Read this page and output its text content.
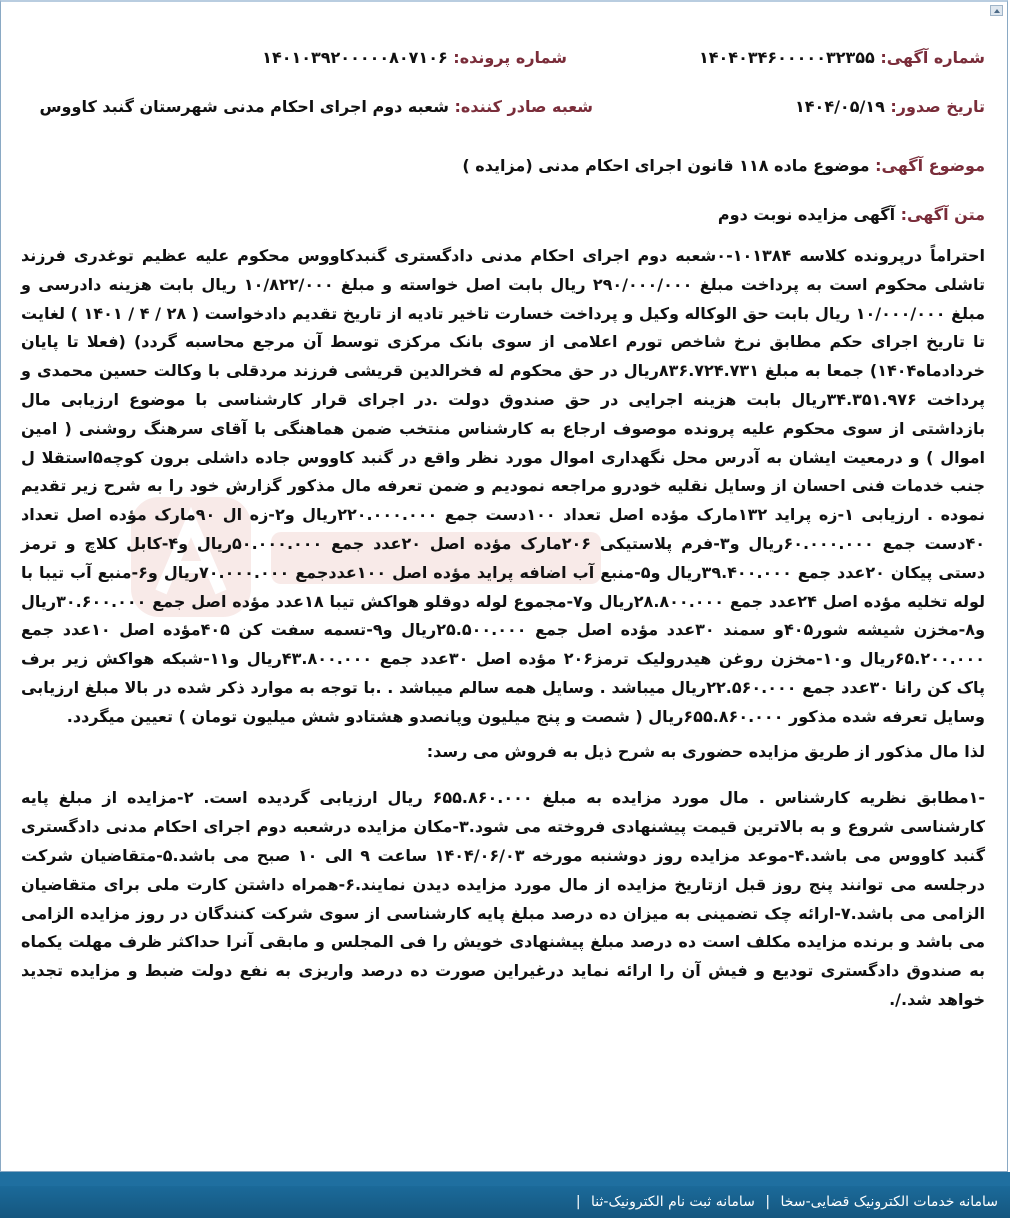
شماره آگهی: ۱۴۰۴۰۳۴۶۰۰۰۰۰۳۲۳۵۵
شماره پرونده: ۱۴۰۱۰۳۹۲۰۰۰۰۰۸۰۷۱۰۶
تاریخ صدور: ۱۴۰۴/۰۵/۱۹
شعبه صادر کننده: شعبه دوم اجرای احکام مدنی شهرستان گنبد کاووس
موضوع آگهی: موضوع ماده ۱۱۸ قانون اجرای احکام مدنی (مزایده )
متن آگهی: آگهی مزایده نوبت دوم

احتراماً درپرونده کلاسه ۱۰۱۳۸۴-۰شعبه دوم اجرای احکام مدنی دادگستری گنبدکاووس محکوم علیه عظیم توغدری فرزند تاشلی محکوم است به پرداخت مبلغ ۲۹۰/۰۰۰/۰۰۰ ریال بابت اصل خواسته و مبلغ ۱۰/۸۲۲/۰۰۰ ریال بابت هزینه دادرسی و مبلغ ۱۰/۰۰۰/۰۰۰ ریال بابت حق الوکاله وکیل و پرداخت خسارت تاخیر تادیه از تاریخ تقدیم دادخواست ( ۲۸ / ۴ / ۱۴۰۱ ) لغایت تا تاریخ اجرای حکم مطابق نرخ شاخص تورم اعلامی از سوی بانک مرکزی توسط آن مرجع محاسبه گردد) (فعلا تا پایان خردادماه۱۴۰۴) جمعا به مبلغ ۸۳۶.۷۲۴.۷۳۱ریال در حق محکوم له فخرالدین قریشی فرزند مردقلی با وکالت حسین محمدی و پرداخت ۳۴.۳۵۱.۹۷۶ریال بابت هزینه اجرایی در حق صندوق دولت .در اجرای قرار کارشناسی با موضوع ارزیابی مال بازداشتی از سوی محکوم علیه پرونده موصوف ارجاع به کارشناس منتخب ضمن هماهنگی با آقای سرهنگ روشنی ( امین اموال ) و درمعیت ایشان به آدرس محل نگهداری اموال مورد نظر واقع در گنبد کاووس جاده داشلی برون کوچه۵استقلا ل جنب خدمات فنی احسان از وسایل نقلیه خودرو مراجعه نمودیم و ضمن تعرفه مال مذکور گزارش خود را به شرح زیر تقدیم نموده . ارزیابی ۱-زه پراید ۱۳۲مارک مؤده اصل تعداد ۱۰۰دست جمع ۲۲۰.۰۰۰.۰۰۰ریال و۲-زه ال ۹۰مارک مؤده اصل تعداد ۴۰دست جمع ۶۰.۰۰۰.۰۰۰ریال و۳-فرم پلاستیکی ۲۰۶مارک مؤده اصل ۲۰عدد جمع ۵۰.۰۰۰.۰۰۰ریال و۴-کابل کلاچ و ترمز دستی پیکان ۲۰عدد جمع ۳۹.۴۰۰.۰۰۰ریال و۵-منبع آب اضافه پراید مؤده اصل ۱۰۰عددجمع ۷۰.۰۰۰.۰۰۰ریال و۶-منبع آب تیبا با لوله تخلیه مؤده اصل ۲۴عدد جمع ۲۸.۸۰۰.۰۰۰ریال و۷-مجموع لوله دوقلو هواکش تیبا ۱۸عدد مؤده اصل جمع ۳۰.۶۰۰.۰۰۰ریال و۸-مخزن شیشه شور۴۰۵و سمند ۳۰عدد مؤده اصل جمع ۲۵.۵۰۰.۰۰۰ریال و۹-تسمه سفت کن ۴۰۵مؤده اصل ۱۰عدد جمع ۶۵.۲۰۰.۰۰۰ریال و۱۰-مخزن روغن هیدرولیک ترمز۲۰۶ مؤده اصل ۳۰عدد جمع ۴۳.۸۰۰.۰۰۰ریال و۱۱-شبکه هواکش زیر برف پاک کن رانا ۳۰عدد جمع ۲۲.۵۶۰.۰۰۰ریال میباشد . وسایل همه سالم میباشد . .با توجه به موارد ذکر شده در بالا مبلغ ارزیابی وسایل تعرفه شده مذکور ۶۵۵.۸۶۰.۰۰۰ریال ( شصت و پنج میلیون وپانصدو هشتادو شش میلیون تومان ) تعیین میگردد.

لذا مال مذکور از طریق مزایده حضوری به شرح ذیل به فروش می رسد:

-۱مطابق نظریه کارشناس . مال مورد مزایده به مبلغ ۶۵۵.۸۶۰.۰۰۰ ریال ارزیابی گردیده است. ۲-مزایده از مبلغ پایه کارشناسی شروع و به بالاترین قیمت پیشنهادی فروخته می شود.۳-مکان مزایده درشعبه دوم اجرای احکام مدنی دادگستری گنبد کاووس می باشد.۴-موعد مزایده روز دوشنبه مورخه ۱۴۰۴/۰۶/۰۳ ساعت ۹ الی ۱۰ صبح می باشد.۵-متقاضیان شرکت درجلسه می توانند پنج روز قبل ازتاریخ مزایده از مال مورد مزایده دیدن نمایند.۶-همراه داشتن کارت ملی برای متقاضیان الزامی می باشد.۷-ارائه چک تضمینی به میزان ده درصد مبلغ پایه کارشناسی از سوی شرکت کنندگان در روز مزایده الزامی می باشد و برنده مزایده مکلف است ده درصد مبلغ پیشنهادی خویش را فی المجلس و مابقی آنرا حداکثر ظرف مهلت یکماه به صندوق دادگستری تودیع و فیش آن را ارائه نماید درغیراین صورت ده درصد واریزی به نفع دولت ضبط و مزایده تجدید خواهد شد./.

سامانه خدمات الکترونیک قضایی-سخا | سامانه ثبت نام الکترونیک-ثنا |
